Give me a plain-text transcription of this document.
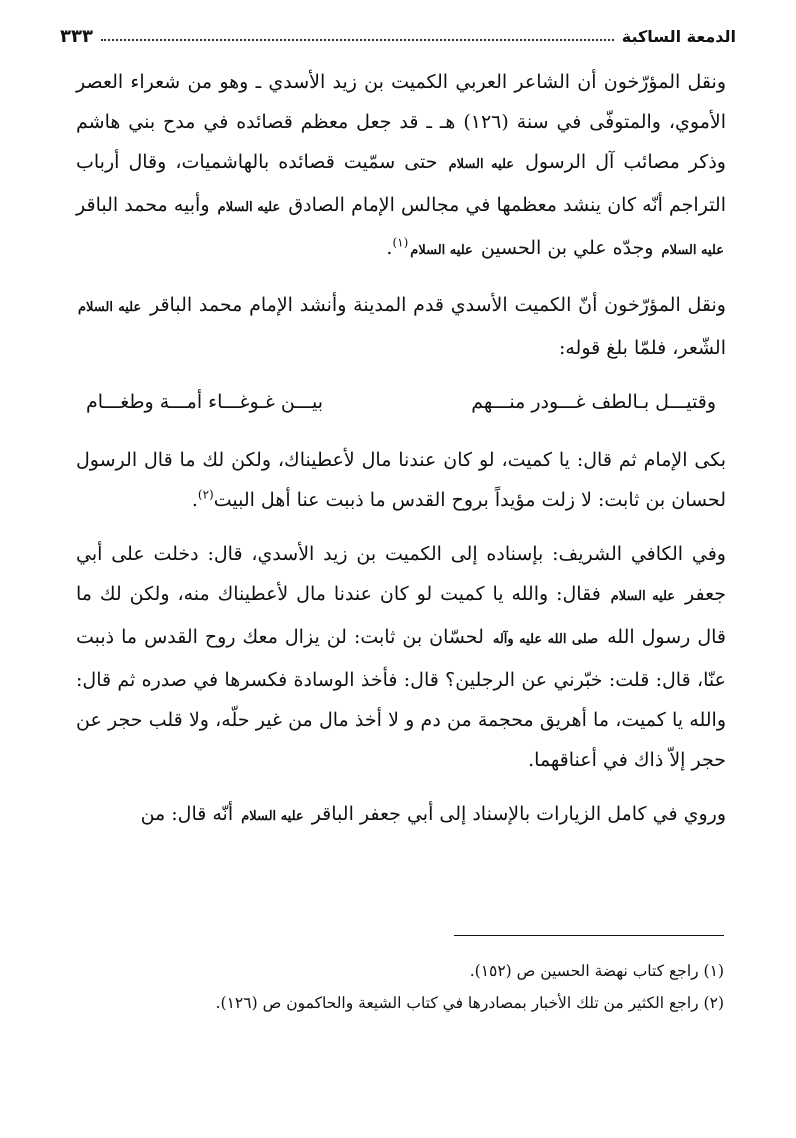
الدمعة الساكبة
٣٣٣

ونقل المؤرّخون أن الشاعر العربي الكميت بن زيد الأسدي ـ وهو من شعراء العصر الأموي، والمتوفّى في سنة (١٢٦) هـ ـ قد جعل معظم قصائده في مدح بني هاشم وذكر مصائب آل الرسول عليه السلام حتى سمّيت قصائده بالهاشميات، وقال أرباب التراجم أنّه كان ينشد معظمها في مجالس الإمام الصادق عليه السلام وأبيه محمد الباقر عليه السلام وجدّه علي بن الحسين عليه السلام$^{(١)}$.

ونقل المؤرّخون أنّ الكميت الأسدي قدم المدينة وأنشد الإمام محمد الباقر عليه السلام الشّعر، فلمّا بلغ قوله:

وقتيـــل بـالطف غـــودر منـــهم
بيـــن غـوغـــاء أمـــة وطغـــام

بكى الإمام ثم قال: يا كميت، لو كان عندنا مال لأعطيناك، ولكن لك ما قال الرسول لحسان بن ثابت: لا زلت مؤيداً بروح القدس ما ذببت عنا أهل البيت$^{(٢)}$.

وفي الكافي الشريف: بإسناده إلى الكميت بن زيد الأسدي، قال: دخلت على أبي جعفر عليه السلام فقال: والله يا كميت لو كان عندنا مال لأعطيناك منه، ولكن لك ما قال رسول الله صلى الله عليه وآله لحسّان بن ثابت: لن يزال معك روح القدس ما ذببت عنّا، قال: قلت: خبّرني عن الرجلين؟ قال: فأخذ الوسادة فكسرها في صدره ثم قال: والله يا كميت، ما أهريق محجمة من دم و لا أخذ مال من غير حلّه، ولا قلب حجر عن حجر إلاّ ذاك في أعناقهما.

وروي في كامل الزيارات بالإسناد إلى أبي جعفر الباقر عليه السلام أنّه قال: من

(١) راجع كتاب نهضة الحسين ص (١٥٢).
(٢) راجع الكثير من تلك الأخبار بمصادرها في كتاب الشيعة والحاكمون ص (١٢٦).
